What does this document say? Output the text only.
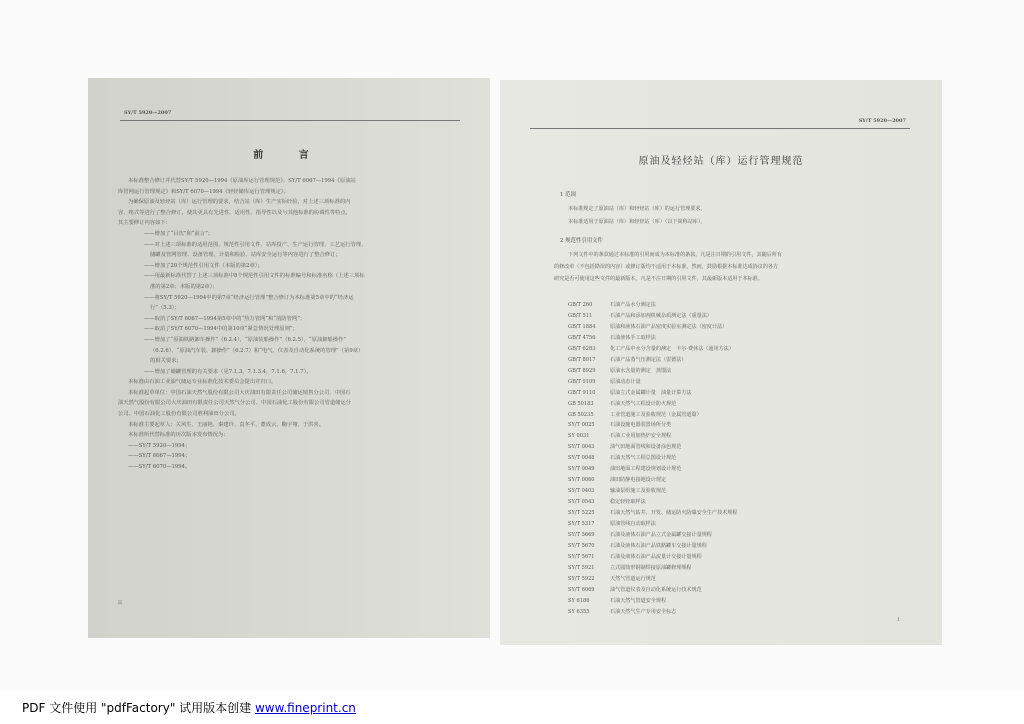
SY/T 5920—2007
前 言
本标准整合修订并代替SY/T 5920—1994《原油库运行管理规范》、SY/T 6067—1994《原油站
库管网运行管理规定》和SY/T 6070—1994《轻烃储库运行管理规定》。
为确保原油及轻烃站（库）运行管理的要求，结合站（库）生产实际经验，对上述三项标准的内
容、格式等进行了整合修订，使其更具有先进性、适用性、指导性以及与其他标准的协调性等特点，
其主要修订内容如下：
——增加了“目次”和“前言”；
——对上述三项标准的适用范围、规范性引用文件、站库投产、生产运行管理、工艺运行管理、
储罐及管网管理、设备管理、计量和检验、站库安全运行等内容进行了整合修订；
——增加了20个规范性引用文件（本版的第2章）；
——用最新标准代替了上述三项标准中8个规范性引用文件的标准编号和标准名称（上述三项标
准的第2章；本版的第2章）；
——将SY/T 5920—1994中的第7章“经济运行管理”整合修订为本标准第5章中的“经济运
行”（5.3）；
——取消了SY/T 6067—1994第5章中的“热力管网”和“消防管网”；
——取消了SY/T 6070—1994中的第10章“紧急情况处理原则”；
——增加了“原油铁路卸车操作”（6.2.4），“原油装船操作”（6.2.5），“原油卸船操作”
（6.2.6），“原油汽车装、卸操作”（6.2.7）和“电气、仪表及自动化系统的管理”（第9章）
的相关要求；
——增加了储罐管理的有关要求（见7.1.3，7.1.3.4，7.1.6，7.1.7）。
本标准由石油工业油气储运专业标准化技术委员会提出并归口。
本标准起草单位：中国石油天然气股份有限公司大庆油田有限责任公司储运销售分公司、中国石
油天然气股份有限公司大庆油田有限责任公司天然气分公司、中国石油化工股份有限公司管道储运分
公司、中国石油化工股份有限公司胜利油田分公司。
本标准主要起草人：关风生、王丽艳、秦建玲、袁冬平、董成云、鞠宇翔、于洪喜。
本标准所代替标准的历次版本发布情况为：
——SY/T 5920—1994；
——SY/T 6067—1994；
——SY/T 6070—1994。
II
SY/T 5920—2007
原油及轻烃站（库）运行管理规范
1 范围
本标准规定了原油站（库）和轻烃站（库）的运行管理要求。
本标准适用于原油站（库）和轻烃站（库）（以下简称站库）。
2 规范性引用文件
下列文件中的条款通过本标准的引用而成为本标准的条款。凡是注日期的引用文件，其随后所有
的修改单（不包括勘误的内容）或修订版均不适用于本标准，然而，鼓励根据本标准达成协议的各方
研究是否可使用这些文件的最新版本。凡是不注日期的引用文件，其最新版本适用于本标准。
GB/T 260	石油产品水分测定法
GB/T 511	石油产品和添加剂机械杂质测定法（重量法）
GB/T 1884	原油和液体石油产品密度实验室测定法（密度计法）
GB/T 4756	石油液体手工取样法
GB/T 6283	化工产品中水分含量的测定　卡尔·费休法（通用方法）
GB/T 8017	石油产品蒸气压测定法（雷德法）
GB/T 8929	原油水含量的测定　蒸馏法
GB/T 9109	原油动态计量
GB/T 9110	原油立式金属罐计量　油量计算方法
GB 50183	石油天然气工程设计防火规范
GB 50235	工业管道施工及验收规范（金属管道篇）
SY/T 0025	石油设施电器装置场所分类
SY 0031	石油工业用加热炉安全规程
SY/T 0043	油气田地面管线和设备涂色规范
SY/T 0048	石油天然气工程总图设计规范
SY/T 0049	油田地面工程建设规划设计规范
SY/T 0060	油田防静电接地设计规定
SY/T 0403	输油泵组施工及验收规范
SY/T 0543	稳定轻烃取样法
SY/T 5225	石油天然气钻井、开发、储运防火防爆安全生产技术规程
SY/T 5317	原油管线自动取样法
SY/T 5669	石油及液体石油产品立式金属罐交接计量规程
SY/T 5670	石油及液体石油产品铁路罐车交接计量规程
SY/T 5671	石油及液体石油产品流量计交接计量规程
SY/T 5921	立式圆筒形钢制焊接原油罐修理规程
SY/T 5922	天然气管道运行规范
SY/T 6069	油气管道仪表及自动化系统运行技术规范
SY 6186	石油天然气管道安全规程
SY 6355	石油天然气生产专用安全标志
1
PDF 文件使用 "pdfFactory" 试用版本创建 www.fineprint.cn
